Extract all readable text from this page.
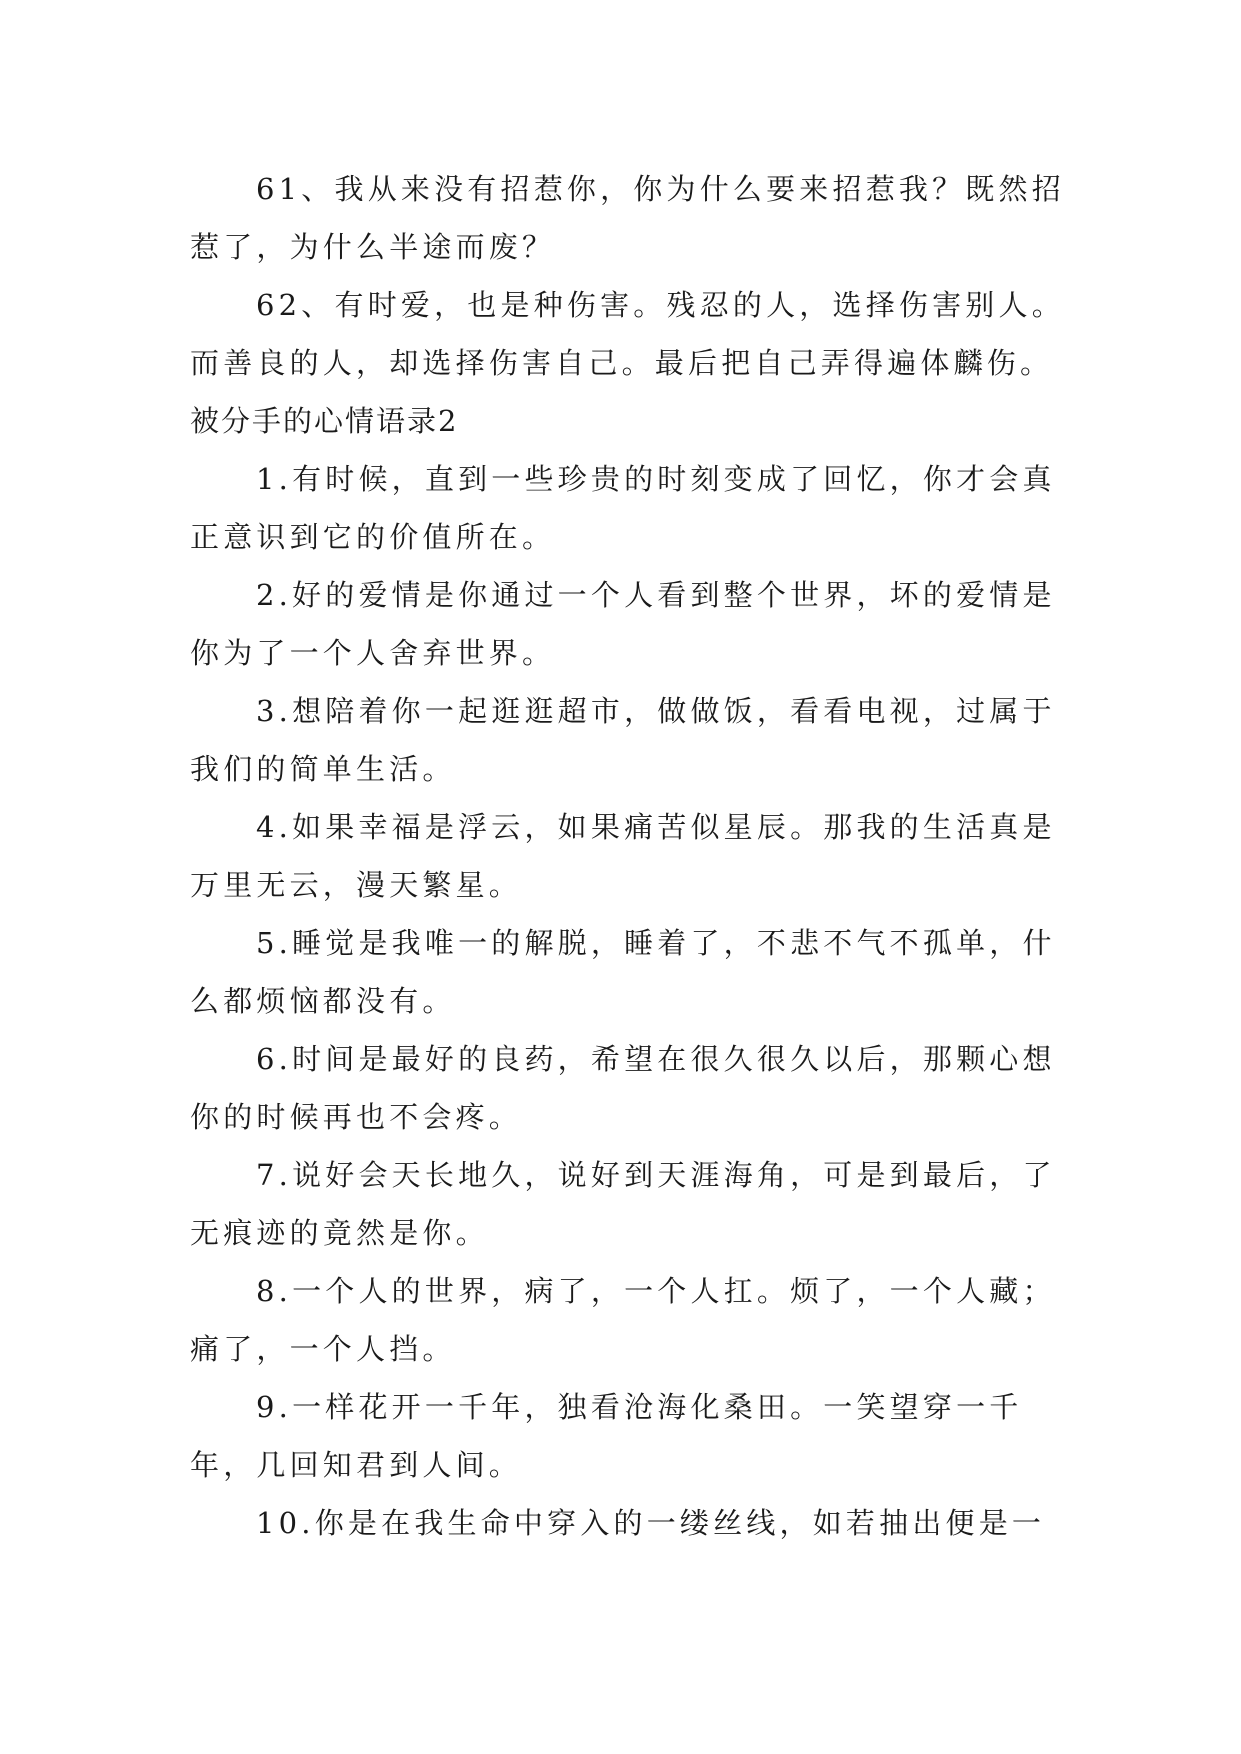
61、我从来没有招惹你，你为什么要来招惹我？既然招惹了，为什么半途而废？

62、有时爱，也是种伤害。残忍的人，选择伤害别人。而善良的人，却选择伤害自己。最后把自己弄得遍体麟伤。

被分手的心情语录2

1.有时候，直到一些珍贵的时刻变成了回忆，你才会真正意识到它的价值所在。

2.好的爱情是你通过一个人看到整个世界，坏的爱情是你为了一个人舍弃世界。

3.想陪着你一起逛逛超市，做做饭，看看电视，过属于我们的简单生活。

4.如果幸福是浮云，如果痛苦似星辰。那我的生活真是万里无云，漫天繁星。

5.睡觉是我唯一的解脱，睡着了，不悲不气不孤单，什么都烦恼都没有。

6.时间是最好的良药，希望在很久很久以后，那颗心想你的时候再也不会疼。

7.说好会天长地久，说好到天涯海角，可是到最后，了无痕迹的竟然是你。

8.一个人的世界，病了，一个人扛。烦了，一个人藏；痛了，一个人挡。

9.一样花开一千年，独看沧海化桑田。一笑望穿一千年，几回知君到人间。

10.你是在我生命中穿入的一缕丝线，如若抽出便是一
